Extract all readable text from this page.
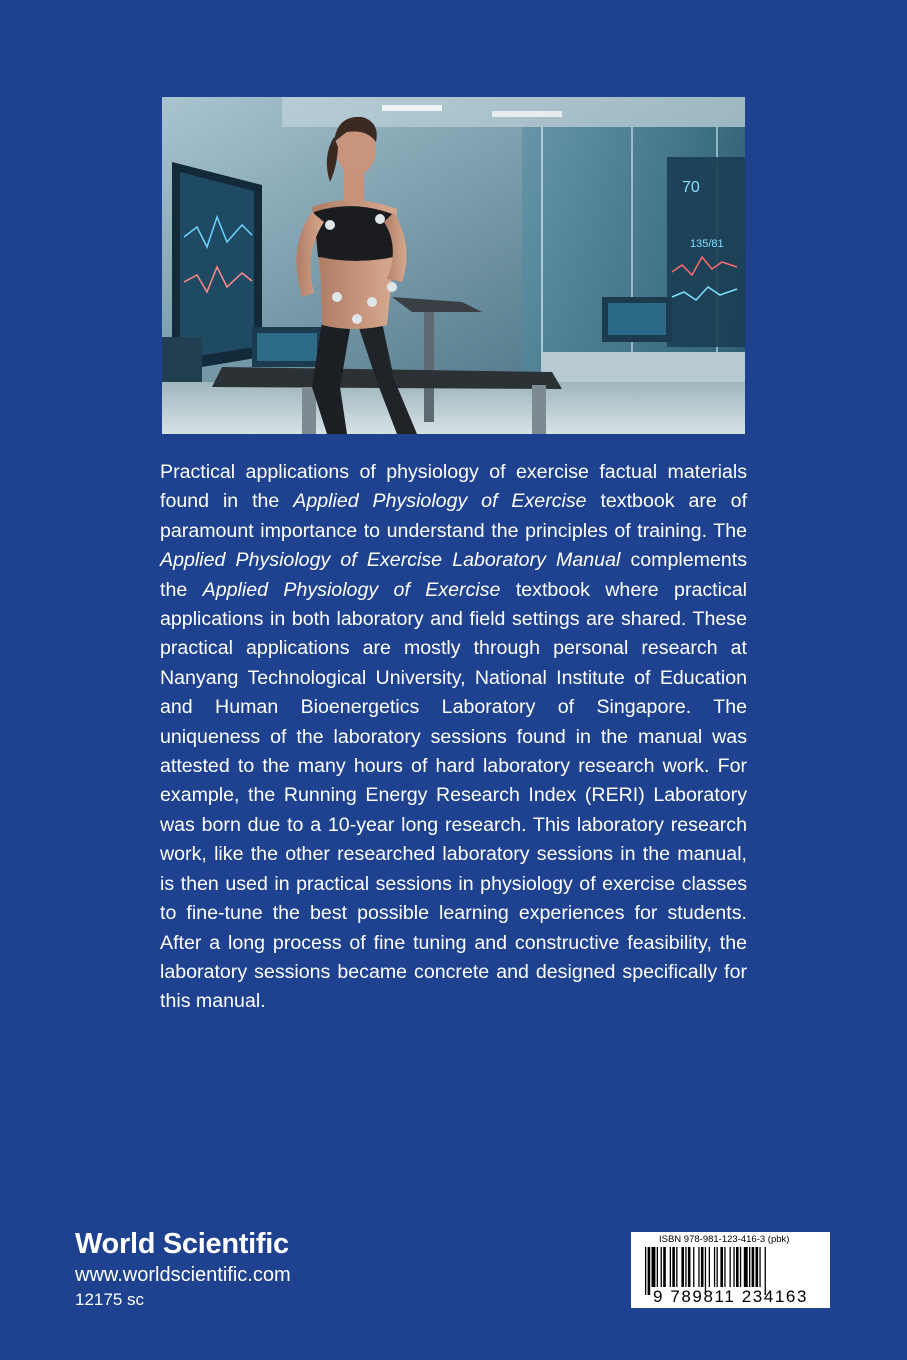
70
135/81

Practical applications of physiology of exercise factual materials found in the Applied Physiology of Exercise textbook are of paramount importance to understand the principles of training. The Applied Physiology of Exercise Laboratory Manual complements the Applied Physiology of Exercise textbook where practical applications in both laboratory and field settings are shared. These practical applications are mostly through personal research at Nanyang Technological University, National Institute of Education and Human Bioenergetics Laboratory of Singapore. The uniqueness of the laboratory sessions found in the manual was attested to the many hours of hard laboratory research work. For example, the Running Energy Research Index (RERI) Laboratory was born due to a 10-year long research. This laboratory research work, like the other researched laboratory sessions in the manual, is then used in practical sessions in physiology of exercise classes to fine-tune the best possible learning experiences for students. After a long process of fine tuning and constructive feasibility, the laboratory sessions became concrete and designed specifically for this manual.

World Scientific
www.worldscientific.com
12175 sc
ISBN 978-981-123-416-3 (pbk)
9 789811 234163
